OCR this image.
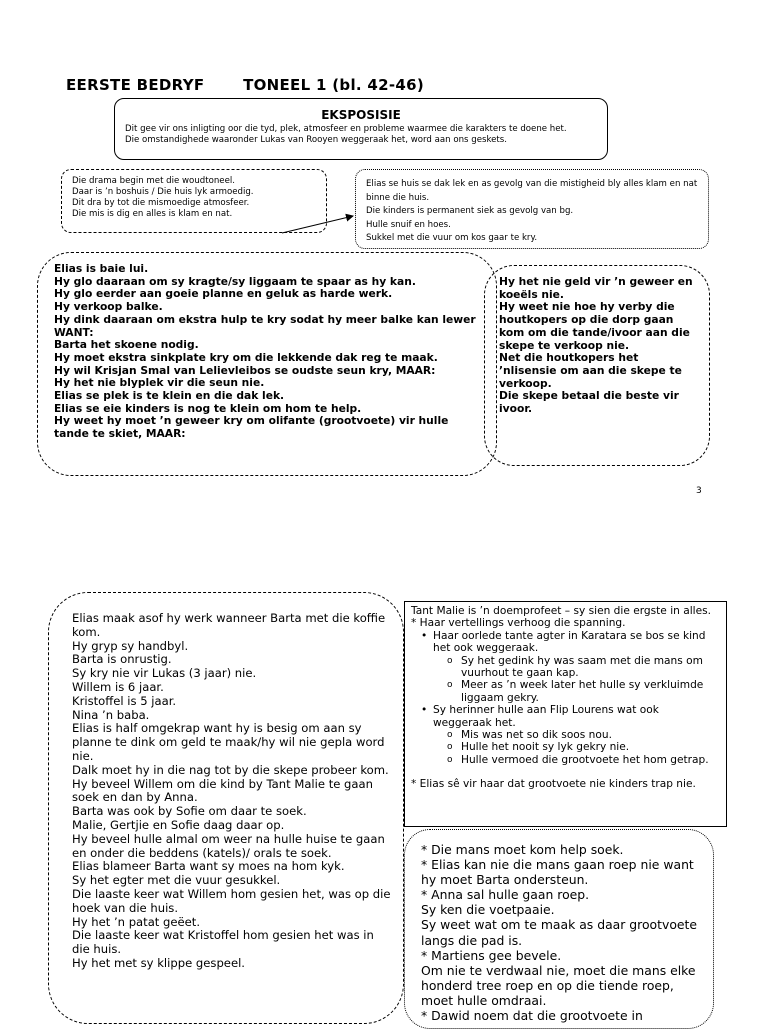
EERSTE BEDRYF	TONEEL 1 (bl. 42-46)
EKSPOSISIE
Dit gee vir ons inligting oor die tyd, plek, atmosfeer en probleme waarmee die karakters te doene het.
Die omstandighede waaronder Lukas van Rooyen weggeraak het, word aan ons geskets.
Die drama begin met die woudtoneel.
Daar is ’n boshuis / Die huis lyk armoedig.
Dit dra by tot die mismoedige atmosfeer.
Die mis is dig en alles is klam en nat.
Elias se huis se dak lek en as gevolg van die mistigheid bly alles klam en nat binne die huis.
Die kinders is permanent siek as gevolg van bg.
Hulle snuif en hoes.
Sukkel met die vuur om kos gaar te kry.
Elias is baie lui.
Hy glo daaraan om sy kragte/sy liggaam te spaar as hy kan.
Hy glo eerder aan goeie planne en geluk as harde werk.
Hy verkoop balke.
Hy dink daaraan om ekstra hulp te kry sodat hy meer balke kan lewer WANT:
Barta het skoene nodig.
Hy moet ekstra sinkplate kry om die lekkende dak reg te maak.
Hy wil Krisjan Smal van Lelievleibos se oudste seun kry, MAAR:
Hy het nie blyplek vir die seun nie.
Elias se plek is te klein en die dak lek.
Elias se eie kinders is nog te klein om hom te help.
Hy weet hy moet ’n geweer kry om olifante (grootvoete) vir hulle tande te skiet, MAAR:
Hy het nie geld vir ’n geweer en koeëls nie.
Hy weet nie hoe hy verby die houtkopers op die dorp gaan kom om die tande/ivoor aan die skepe te verkoop nie.
Net die houtkopers het ’nlisensie om aan die skepe te verkoop.
Die skepe betaal die beste vir ivoor.
3
Elias maak asof hy werk wanneer Barta met die koffie kom.
Hy gryp sy handbyl.
Barta is onrustig.
Sy kry nie vir Lukas (3 jaar) nie.
Willem is 6 jaar.
Kristoffel is 5 jaar.
Nina ’n baba.
Elias is half omgekrap want hy is besig om aan sy planne te dink om geld te maak/hy wil nie gepla word nie.
Dalk moet hy in die nag tot by die skepe probeer kom.
Hy beveel Willem om die kind by Tant Malie te gaan soek en dan by Anna.
Barta was ook by Sofie om daar te soek.
Malie, Gertjie en Sofie daag daar op.
Hy beveel hulle almal om weer na hulle huise te gaan en onder die beddens (katels)/ orals te soek.
Elias blameer Barta want sy moes na hom kyk.
Sy het egter met die vuur gesukkel.
Die laaste keer wat Willem hom gesien het, was op die hoek van die huis.
Hy het ’n patat geëet.
Die laaste keer wat Kristoffel hom gesien het was in die huis.
Hy het met sy klippe gespeel.
Tant Malie is ’n doemprofeet – sy sien die ergste in alles.
* Haar vertellings verhoog die spanning.
• Haar oorlede tante agter in Karatara se bos se kind het ook weggeraak.
o Sy het gedink hy was saam met die mans om vuurhout te gaan kap.
o Meer as ’n week later het hulle sy verkluimde liggaam gekry.
• Sy herinner hulle aan Flip Lourens wat ook weggeraak het.
o Mis was net so dik soos nou.
o Hulle het nooit sy lyk gekry nie.
o Hulle vermoed die grootvoete het hom getrap.
* Elias sê vir haar dat grootvoete nie kinders trap nie.
* Die mans moet kom help soek.
* Elias kan nie die mans gaan roep nie want hy moet Barta ondersteun.
* Anna sal hulle gaan roep.
Sy ken die voetpaaie.
Sy weet wat om te maak as daar grootvoete langs die pad is.
* Martiens gee bevele.
Om nie te verdwaal nie, moet die mans elke honderd tree roep en op die tiende roep, moet hulle omdraai.
* Dawid noem dat die grootvoete in
